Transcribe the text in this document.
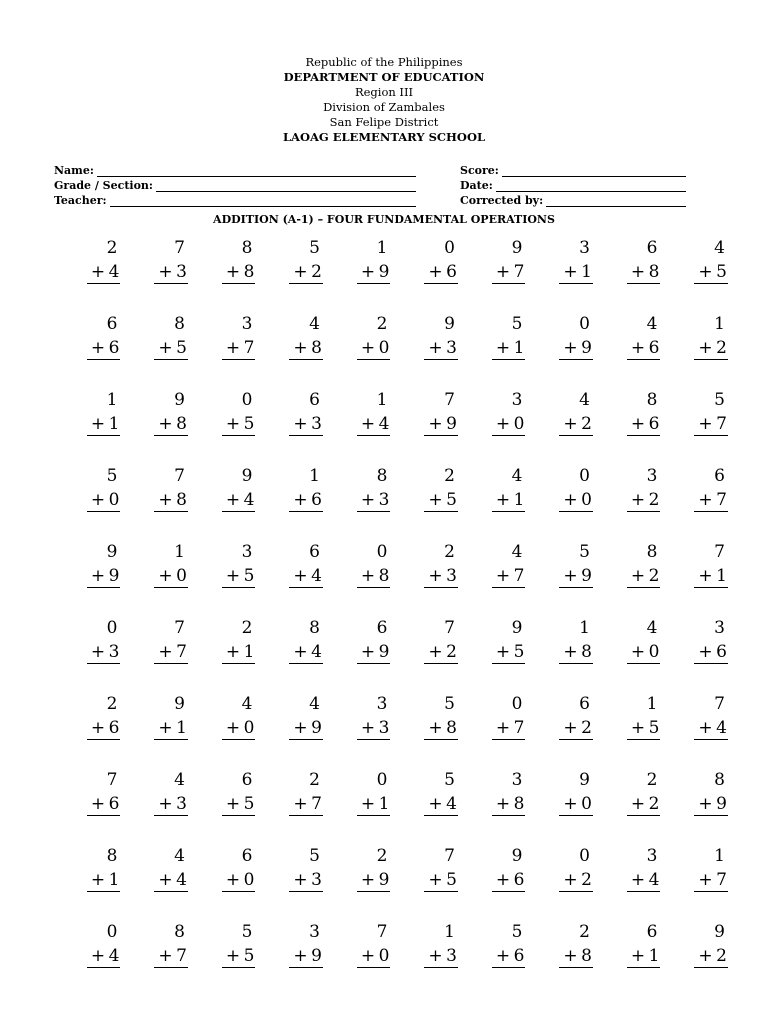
Republic of the Philippines
DEPARTMENT OF EDUCATION
Region III
Division of Zambales
San Felipe District
LAOAG ELEMENTARY SCHOOL
Name:
Grade / Section:
Teacher:
Score:
Date:
Corrected by:
ADDITION (A-1) – FOUR FUNDAMENTAL OPERATIONS
2
+ 4
7
+ 3
8
+ 8
5
+ 2
1
+ 9
0
+ 6
9
+ 7
3
+ 1
6
+ 8
4
+ 5
6
+ 6
8
+ 5
3
+ 7
4
+ 8
2
+ 0
9
+ 3
5
+ 1
0
+ 9
4
+ 6
1
+ 2
1
+ 1
9
+ 8
0
+ 5
6
+ 3
1
+ 4
7
+ 9
3
+ 0
4
+ 2
8
+ 6
5
+ 7
5
+ 0
7
+ 8
9
+ 4
1
+ 6
8
+ 3
2
+ 5
4
+ 1
0
+ 0
3
+ 2
6
+ 7
9
+ 9
1
+ 0
3
+ 5
6
+ 4
0
+ 8
2
+ 3
4
+ 7
5
+ 9
8
+ 2
7
+ 1
0
+ 3
7
+ 7
2
+ 1
8
+ 4
6
+ 9
7
+ 2
9
+ 5
1
+ 8
4
+ 0
3
+ 6
2
+ 6
9
+ 1
4
+ 0
4
+ 9
3
+ 3
5
+ 8
0
+ 7
6
+ 2
1
+ 5
7
+ 4
7
+ 6
4
+ 3
6
+ 5
2
+ 7
0
+ 1
5
+ 4
3
+ 8
9
+ 0
2
+ 2
8
+ 9
8
+ 1
4
+ 4
6
+ 0
5
+ 3
2
+ 9
7
+ 5
9
+ 6
0
+ 2
3
+ 4
1
+ 7
0
+ 4
8
+ 7
5
+ 5
3
+ 9
7
+ 0
1
+ 3
5
+ 6
2
+ 8
6
+ 1
9
+ 2
